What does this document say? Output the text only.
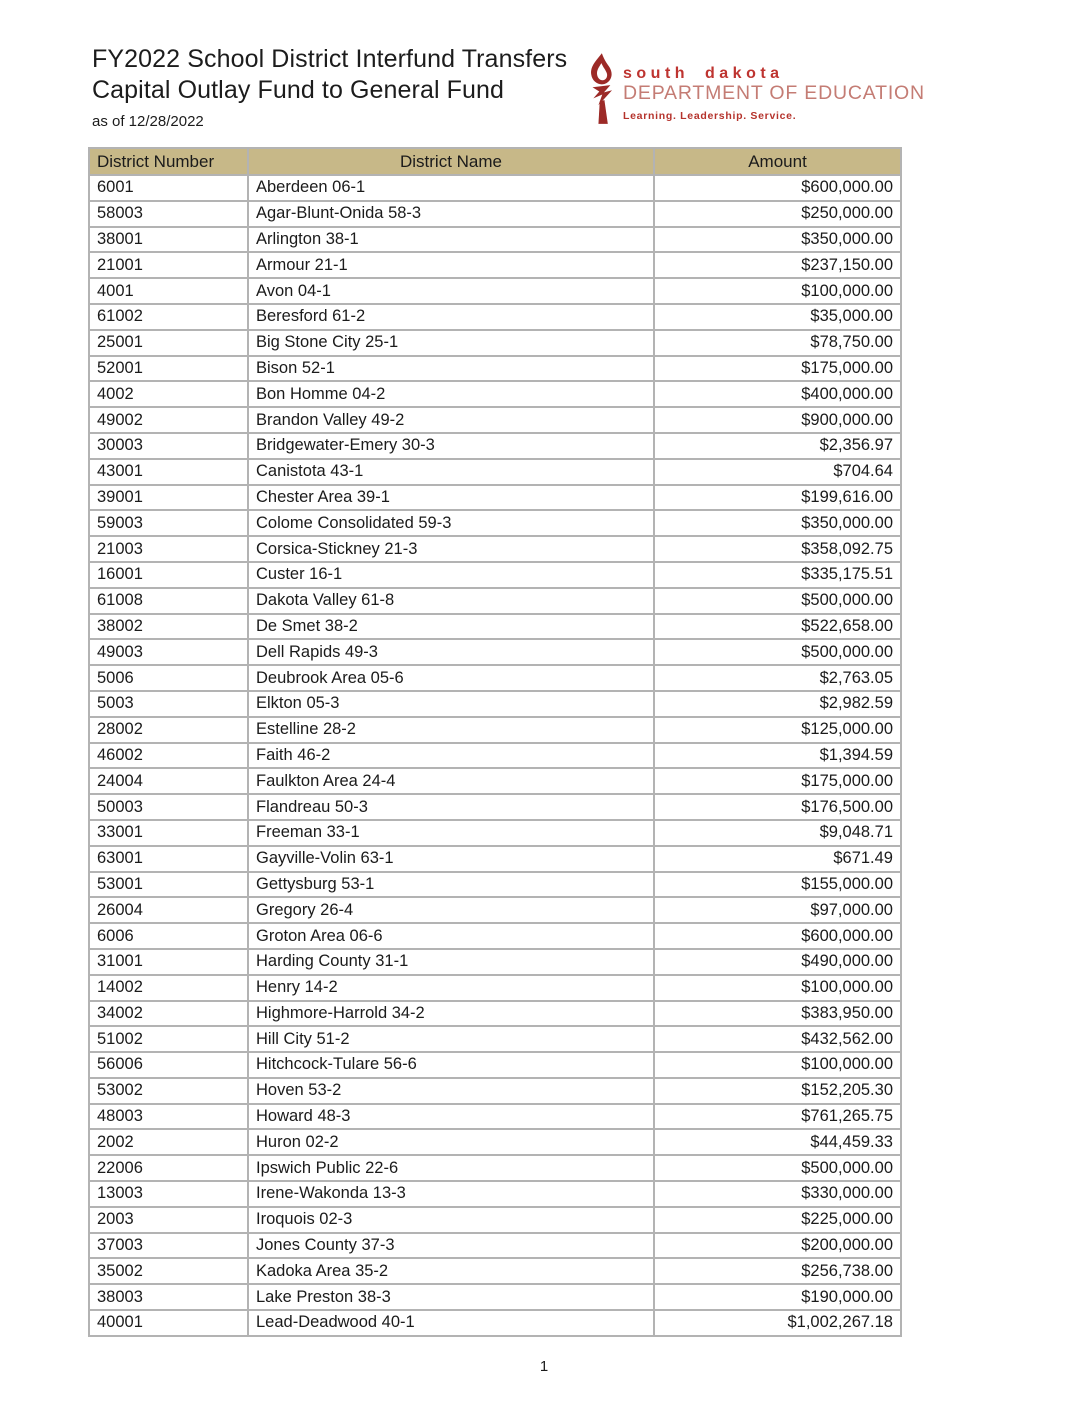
FY2022 School District Interfund Transfers
Capital Outlay Fund to General Fund
as of 12/28/2022
south dakota
DEPARTMENT OF EDUCATION
Learning. Leadership. Service.
District Number	District Name	Amount
6001	Aberdeen 06-1	$600,000.00
58003	Agar-Blunt-Onida 58-3	$250,000.00
38001	Arlington 38-1	$350,000.00
21001	Armour 21-1	$237,150.00
4001	Avon 04-1	$100,000.00
61002	Beresford 61-2	$35,000.00
25001	Big Stone City 25-1	$78,750.00
52001	Bison 52-1	$175,000.00
4002	Bon Homme 04-2	$400,000.00
49002	Brandon Valley 49-2	$900,000.00
30003	Bridgewater-Emery 30-3	$2,356.97
43001	Canistota 43-1	$704.64
39001	Chester Area 39-1	$199,616.00
59003	Colome Consolidated 59-3	$350,000.00
21003	Corsica-Stickney 21-3	$358,092.75
16001	Custer 16-1	$335,175.51
61008	Dakota Valley 61-8	$500,000.00
38002	De Smet 38-2	$522,658.00
49003	Dell Rapids 49-3	$500,000.00
5006	Deubrook Area 05-6	$2,763.05
5003	Elkton 05-3	$2,982.59
28002	Estelline 28-2	$125,000.00
46002	Faith 46-2	$1,394.59
24004	Faulkton Area 24-4	$175,000.00
50003	Flandreau 50-3	$176,500.00
33001	Freeman 33-1	$9,048.71
63001	Gayville-Volin 63-1	$671.49
53001	Gettysburg 53-1	$155,000.00
26004	Gregory 26-4	$97,000.00
6006	Groton Area 06-6	$600,000.00
31001	Harding County 31-1	$490,000.00
14002	Henry 14-2	$100,000.00
34002	Highmore-Harrold 34-2	$383,950.00
51002	Hill City 51-2	$432,562.00
56006	Hitchcock-Tulare 56-6	$100,000.00
53002	Hoven 53-2	$152,205.30
48003	Howard 48-3	$761,265.75
2002	Huron 02-2	$44,459.33
22006	Ipswich Public 22-6	$500,000.00
13003	Irene-Wakonda 13-3	$330,000.00
2003	Iroquois 02-3	$225,000.00
37003	Jones County 37-3	$200,000.00
35002	Kadoka Area 35-2	$256,738.00
38003	Lake Preston 38-3	$190,000.00
40001	Lead-Deadwood 40-1	$1,002,267.18
1
